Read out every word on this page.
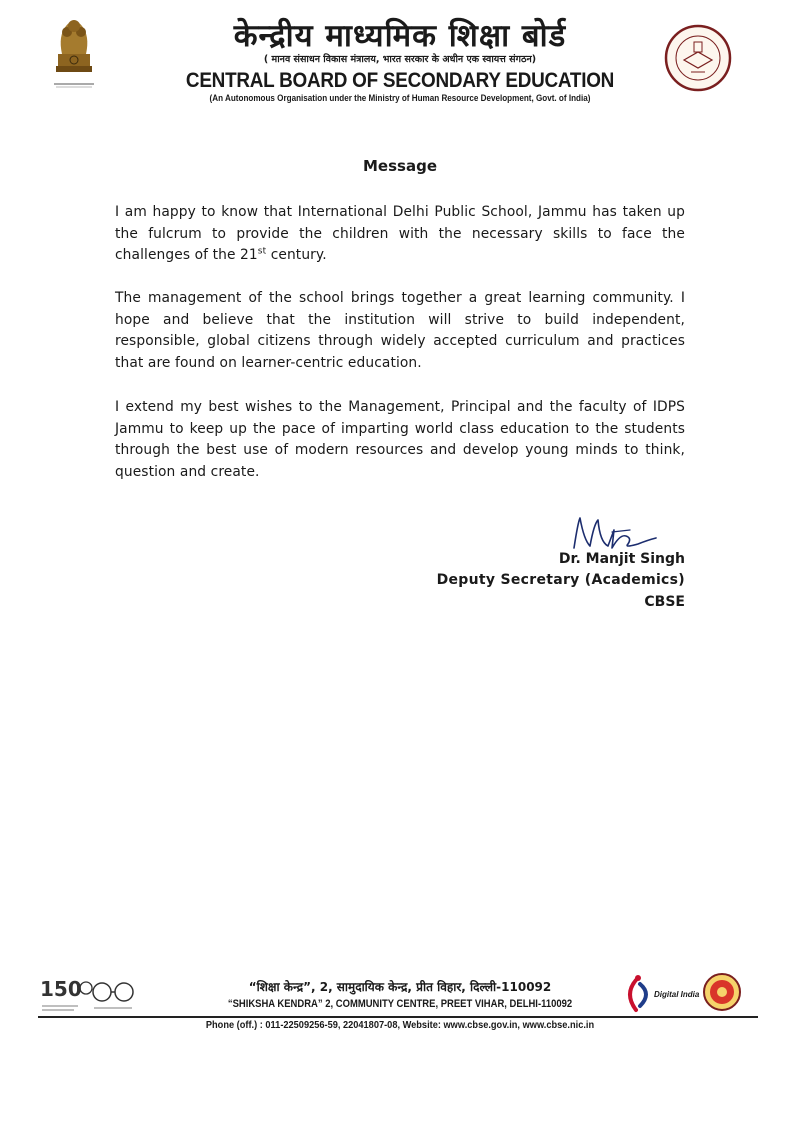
केन्द्रीय माध्यमिक शिक्षा बोर्ड
( मानव संसाधन विकास मंत्रालय, भारत सरकार के अधीन एक स्वायत्त संगठन)
CENTRAL BOARD OF SECONDARY EDUCATION
(An Autonomous Organisation under the Ministry of Human Resource Development, Govt. of India)
Message
I am happy to know that International Delhi Public School, Jammu has taken up the fulcrum to provide the children with the necessary skills to face the challenges of the 21st century.
The management of the school brings together a great learning community. I hope and believe that the institution will strive to build independent, responsible, global citizens through widely accepted curriculum and practices that are found on learner-centric education.
I extend my best wishes to the Management, Principal and the faculty of IDPS Jammu to keep up the pace of imparting world class education to the students through the best use of modern resources and develop young minds to think, question and create.
Dr. Manjit Singh
Deputy Secretary (Academics)
CBSE
150	“शिक्षा केन्द्र”, 2, सामुदायिक केन्द्र, प्रीत विहार, दिल्ली-110092
“SHIKSHA KENDRA” 2, COMMUNITY CENTRE, PREET VIHAR, DELHI-110092
Phone (off.) : 011-22509256-59, 22041807-08, Website: www.cbse.gov.in, www.cbse.nic.in
Digital India
